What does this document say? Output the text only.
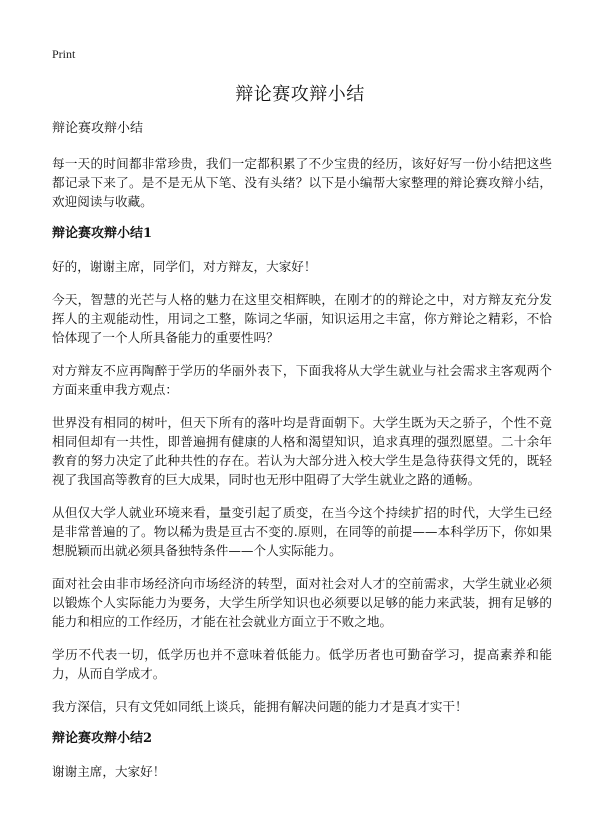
Print
辩论赛攻辩小结

辩论赛攻辩小结

每一天的时间都非常珍贵，我们一定都积累了不少宝贵的经历，该好好写一份小结把这些都记录下来了。是不是无从下笔、没有头绪？以下是小编帮大家整理的辩论赛攻辩小结，欢迎阅读与收藏。

辩论赛攻辩小结1

好的，谢谢主席，同学们，对方辩友，大家好！

今天，智慧的光芒与人格的魅力在这里交相辉映，在刚才的的辩论之中，对方辩友充分发挥人的主观能动性，用词之工整，陈词之华丽，知识运用之丰富，你方辩论之精彩，不恰恰体现了一个人所具备能力的重要性吗？

对方辩友不应再陶醉于学历的华丽外表下，下面我将从大学生就业与社会需求主客观两个方面来重申我方观点：

世界没有相同的树叶，但天下所有的落叶均是背面朝下。大学生既为天之骄子，个性不竟相同但却有一共性，即普遍拥有健康的人格和渴望知识，追求真理的强烈愿望。二十余年教育的努力决定了此种共性的存在。若认为大部分进入校大学生是急待获得文凭的，既轻视了我国高等教育的巨大成果，同时也无形中阻碍了大学生就业之路的通畅。

从但仅大学人就业环境来看，量变引起了质变，在当今这个持续扩招的时代，大学生已经是非常普遍的了。物以稀为贵是亘古不变的.原则，在同等的前提——本科学历下，你如果想脱颖而出就必须具备独特条件——个人实际能力。

面对社会由非市场经济向市场经济的转型，面对社会对人才的空前需求，大学生就业必须以锻炼个人实际能力为要务，大学生所学知识也必须要以足够的能力来武装，拥有足够的能力和相应的工作经历，才能在社会就业方面立于不败之地。

学历不代表一切，低学历也并不意味着低能力。低学历者也可勤奋学习，提高素养和能力，从而自学成才。

我方深信，只有文凭如同纸上谈兵，能拥有解决问题的能力才是真才实干！

辩论赛攻辩小结2

谢谢主席，大家好！
